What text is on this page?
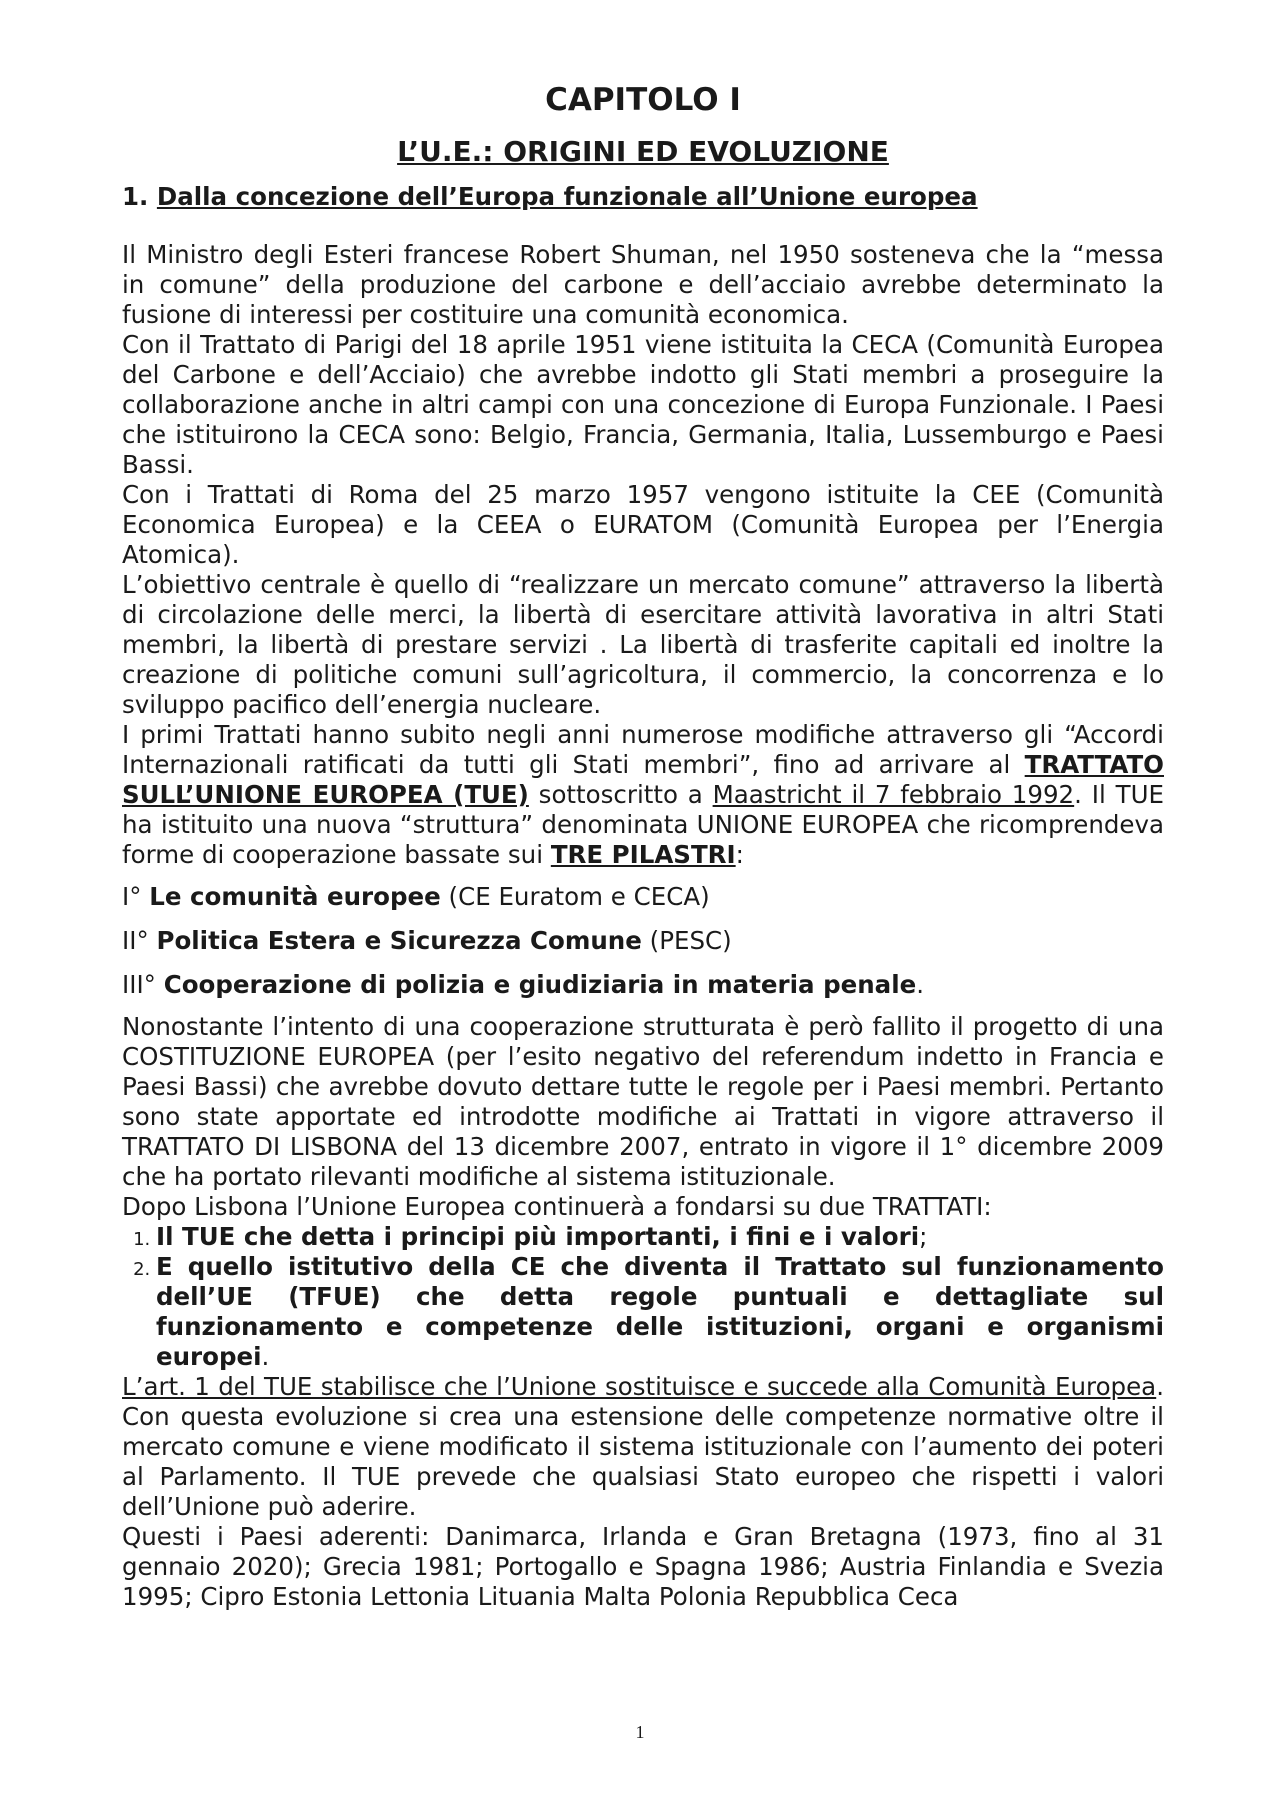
CAPITOLO I
L’U.E.: ORIGINI ED EVOLUZIONE
1. Dalla concezione dell’Europa funzionale all’Unione europea

Il Ministro degli Esteri francese Robert Shuman, nel 1950 sosteneva che la “messa in comune” della produzione del carbone e dell’acciaio avrebbe determinato la fusione di interessi per costituire una comunità economica.

Con il Trattato di Parigi del 18 aprile 1951 viene istituita la CECA (Comunità Europea del Carbone e dell’Acciaio) che avrebbe indotto gli Stati membri a proseguire la collaborazione anche in altri campi con una concezione di Europa Funzionale. I Paesi che istituirono la CECA sono: Belgio, Francia, Germania, Italia, Lussemburgo e Paesi Bassi.

Con i Trattati di Roma del 25 marzo 1957 vengono istituite la CEE (Comunità Economica Europea) e la CEEA o EURATOM (Comunità Europea per l’Energia Atomica).

L’obiettivo centrale è quello di “realizzare un mercato comune” attraverso la libertà di circolazione delle merci, la libertà di esercitare attività lavorativa in altri Stati membri, la libertà di prestare servizi . La libertà di trasferite capitali ed inoltre la creazione di politiche comuni sull’agricoltura, il commercio, la concorrenza e lo sviluppo pacifico dell’energia nucleare.

I primi Trattati hanno subito negli anni numerose modifiche attraverso gli “Accordi Internazionali ratificati da tutti gli Stati membri”, fino ad arrivare al TRATTATO SULL’UNIONE EUROPEA (TUE) sottoscritto a Maastricht il 7 febbraio 1992. Il TUE ha istituito una nuova “struttura” denominata UNIONE EUROPEA che ricomprendeva forme di cooperazione bassate sui TRE PILASTRI:

I° Le comunità europee (CE Euratom e CECA)
II° Politica Estera e Sicurezza Comune (PESC)
III° Cooperazione di polizia e giudiziaria in materia penale.

Nonostante l’intento di una cooperazione strutturata è però fallito il progetto di una COSTITUZIONE EUROPEA (per l’esito negativo del referendum indetto in Francia e Paesi Bassi) che avrebbe dovuto dettare tutte le regole per i Paesi membri. Pertanto sono state apportate ed introdotte modifiche ai Trattati in vigore attraverso il TRATTATO DI LISBONA del 13 dicembre 2007, entrato in vigore il 1° dicembre 2009 che ha portato rilevanti modifiche al sistema istituzionale.

Dopo Lisbona l’Unione Europea continuerà a fondarsi su due TRATTATI:

1. Il TUE che detta i principi più importanti, i fini e i valori;
2. E quello istitutivo della CE che diventa il Trattato sul funzionamento dell’UE (TFUE) che detta regole puntuali e dettagliate sul funzionamento e competenze delle istituzioni, organi e organismi europei.

L’art. 1 del TUE stabilisce che l’Unione sostituisce e succede alla Comunità Europea. Con questa evoluzione si crea una estensione delle competenze normative oltre il mercato comune e viene modificato il sistema istituzionale con l’aumento dei poteri al Parlamento. Il TUE prevede che qualsiasi Stato europeo che rispetti i valori dell’Unione può aderire.

Questi i Paesi aderenti: Danimarca, Irlanda e Gran Bretagna (1973, fino al 31 gennaio 2020); Grecia 1981; Portogallo e Spagna 1986; Austria Finlandia e Svezia 1995; Cipro Estonia Lettonia Lituania Malta Polonia Repubblica Ceca

1
